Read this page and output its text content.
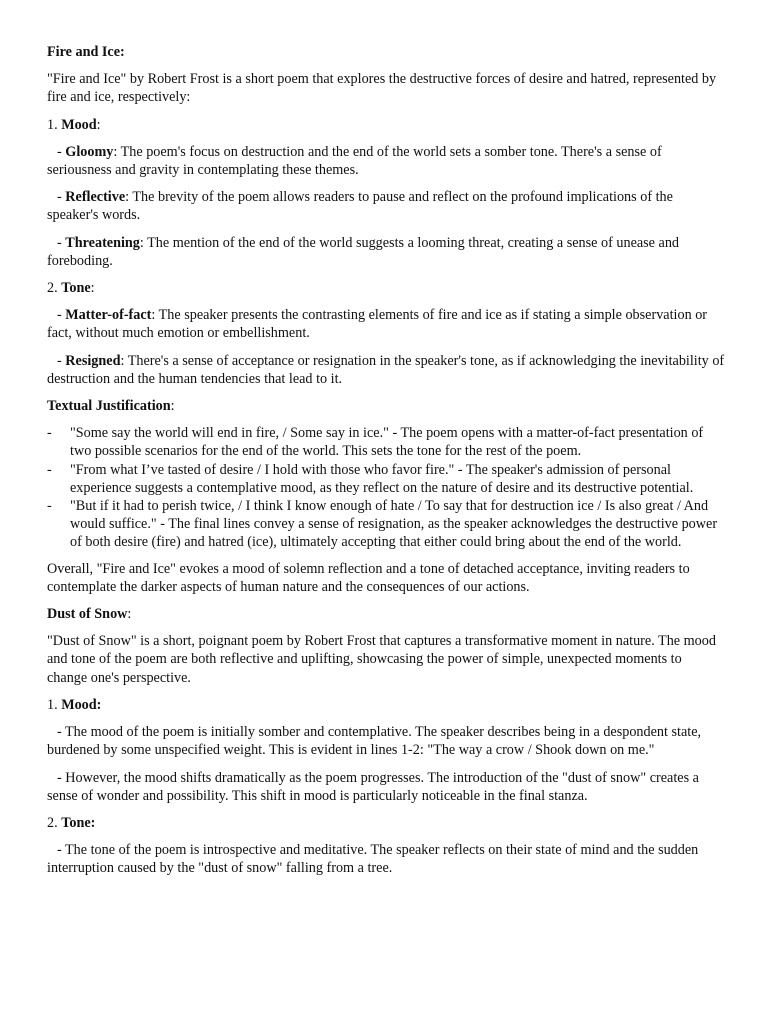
Fire and Ice:

"Fire and Ice" by Robert Frost is a short poem that explores the destructive forces of desire and hatred, represented by fire and ice, respectively:

1. Mood:

- Gloomy: The poem's focus on destruction and the end of the world sets a somber tone. There's a sense of seriousness and gravity in contemplating these themes.

- Reflective: The brevity of the poem allows readers to pause and reflect on the profound implications of the speaker's words.

- Threatening: The mention of the end of the world suggests a looming threat, creating a sense of unease and foreboding.

2. Tone:

- Matter-of-fact: The speaker presents the contrasting elements of fire and ice as if stating a simple observation or fact, without much emotion or embellishment.

- Resigned: There's a sense of acceptance or resignation in the speaker's tone, as if acknowledging the inevitability of destruction and the human tendencies that lead to it.

Textual Justification:

- "Some say the world will end in fire, / Some say in ice." - The poem opens with a matter-of-fact presentation of two possible scenarios for the end of the world. This sets the tone for the rest of the poem.
- "From what I’ve tasted of desire / I hold with those who favor fire." - The speaker's admission of personal experience suggests a contemplative mood, as they reflect on the nature of desire and its destructive potential.
- "But if it had to perish twice, / I think I know enough of hate / To say that for destruction ice / Is also great / And would suffice." - The final lines convey a sense of resignation, as the speaker acknowledges the destructive power of both desire (fire) and hatred (ice), ultimately accepting that either could bring about the end of the world.

Overall, "Fire and Ice" evokes a mood of solemn reflection and a tone of detached acceptance, inviting readers to contemplate the darker aspects of human nature and the consequences of our actions.

Dust of Snow:

"Dust of Snow" is a short, poignant poem by Robert Frost that captures a transformative moment in nature. The mood and tone of the poem are both reflective and uplifting, showcasing the power of simple, unexpected moments to change one's perspective.

1. Mood:

- The mood of the poem is initially somber and contemplative. The speaker describes being in a despondent state, burdened by some unspecified weight. This is evident in lines 1-2: "The way a crow / Shook down on me."

- However, the mood shifts dramatically as the poem progresses. The introduction of the "dust of snow" creates a sense of wonder and possibility. This shift in mood is particularly noticeable in the final stanza.

2. Tone:

- The tone of the poem is introspective and meditative. The speaker reflects on their state of mind and the sudden interruption caused by the "dust of snow" falling from a tree.
